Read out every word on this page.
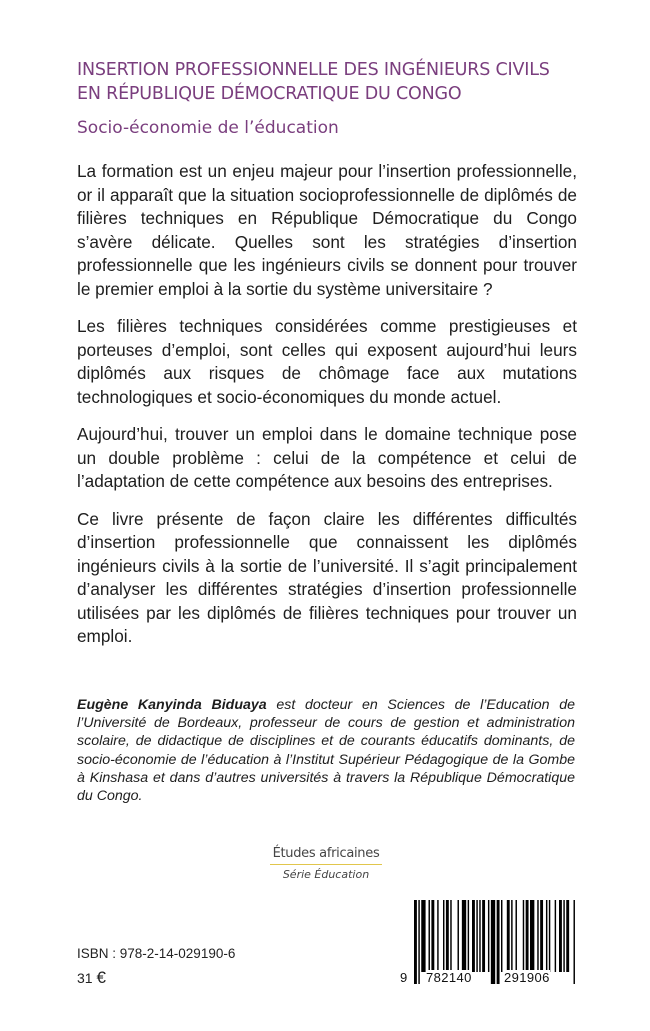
INSERTION PROFESSIONNELLE DES INGÉNIEURS CIVILS
EN RÉPUBLIQUE DÉMOCRATIQUE DU CONGO
Socio-économie de l’éducation

La formation est un enjeu majeur pour l’insertion professionnelle, or il apparaît que la situation socioprofessionnelle de diplômés de filières techniques en République Démocratique du Congo s’avère délicate. Quelles sont les stratégies d’insertion professionnelle que les ingénieurs civils se donnent pour trouver le premier emploi à la sortie du système universitaire ?

Les filières techniques considérées comme prestigieuses et porteuses d’emploi, sont celles qui exposent aujourd’hui leurs diplômés aux risques de chômage face aux mutations technologiques et socio-économiques du monde actuel.

Aujourd’hui, trouver un emploi dans le domaine technique pose un double problème : celui de la compétence et celui de l’adaptation de cette compétence aux besoins des entreprises.

Ce livre présente de façon claire les différentes difficultés d’insertion professionnelle que connaissent les diplômés ingénieurs civils à la sortie de l’université. Il s’agit principalement d’analyser les différentes stratégies d’insertion professionnelle utilisées par les diplômés de filières techniques pour trouver un emploi.

Eugène Kanyinda Biduaya est docteur en Sciences de l’Education de l’Université de Bordeaux, professeur de cours de gestion et administration scolaire, de didactique de disciplines et de courants éducatifs dominants, de socio-économie de l’éducation à l’Institut Supérieur Pédagogique de la Gombe à Kinshasa et dans d’autres universités à travers la République Démocratique du Congo.
Études africaines
Série Éducation
ISBN : 978-2-14-029190-6
31 €	9 782140 291906
